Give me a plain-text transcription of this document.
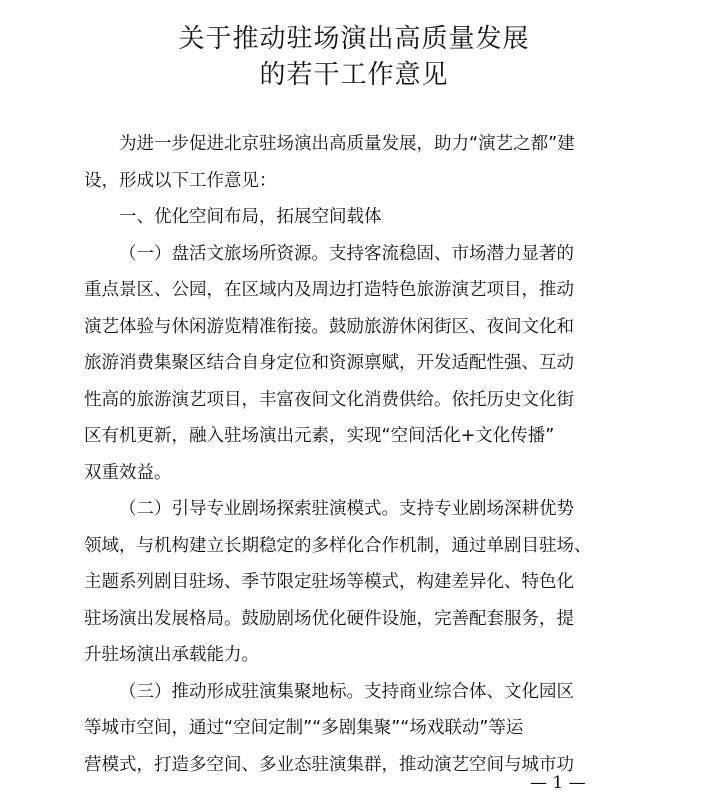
关于推动驻场演出高质量发展
的若干工作意见
为进一步促进北京驻场演出高质量发展，助力“演艺之都”建
设，形成以下工作意见：
一、优化空间布局，拓展空间载体
（一）盘活文旅场所资源。支持客流稳固、市场潜力显著的
重点景区、公园，在区域内及周边打造特色旅游演艺项目，推动
演艺体验与休闲游览精准衔接。鼓励旅游休闲街区、夜间文化和
旅游消费集聚区结合自身定位和资源禀赋，开发适配性强、互动
性高的旅游演艺项目，丰富夜间文化消费供给。依托历史文化街
区有机更新，融入驻场演出元素，实现“空间活化+文化传播”
双重效益。
（二）引导专业剧场探索驻演模式。支持专业剧场深耕优势
领域，与机构建立长期稳定的多样化合作机制，通过单剧目驻场、
主题系列剧目驻场、季节限定驻场等模式，构建差异化、特色化
驻场演出发展格局。鼓励剧场优化硬件设施，完善配套服务，提
升驻场演出承载能力。
（三）推动形成驻演集聚地标。支持商业综合体、文化园区
等城市空间，通过“空间定制”“多剧集聚”“场戏联动”等运
营模式，打造多空间、多业态驻演集群，推动演艺空间与城市功
— 1 —
